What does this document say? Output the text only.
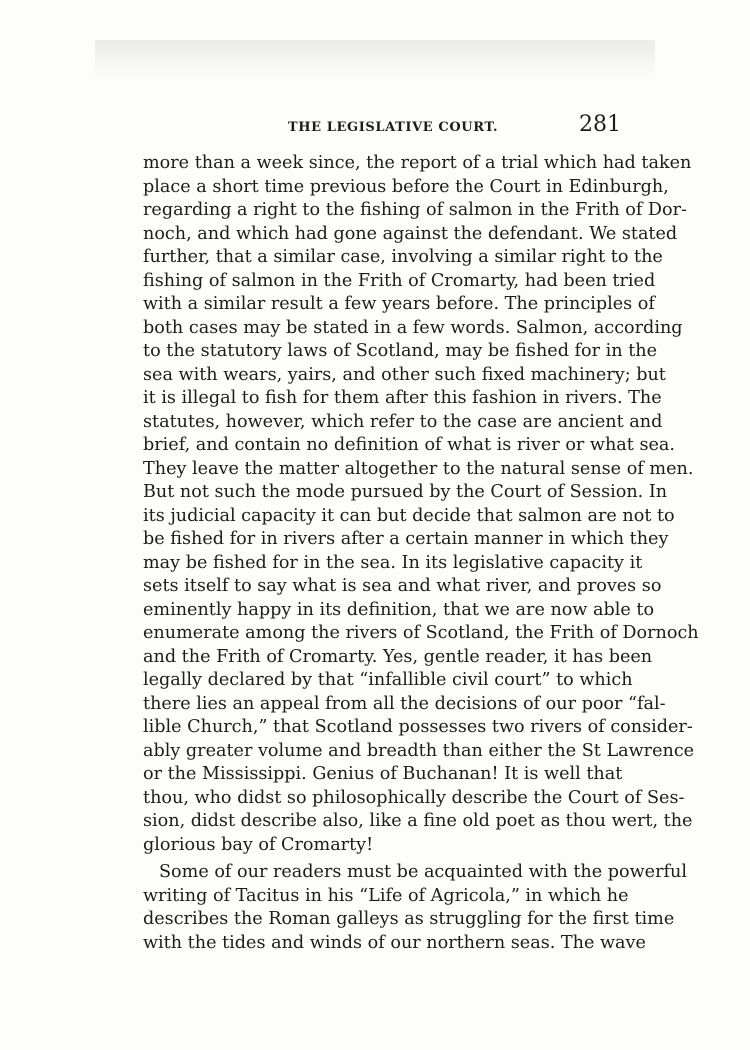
THE LEGISLATIVE COURT.	281
more than a week since, the report of a trial which had taken
place a short time previous before the Court in Edinburgh,
regarding a right to the fishing of salmon in the Frith of Dor-
noch, and which had gone against the defendant. We stated
further, that a similar case, involving a similar right to the
fishing of salmon in the Frith of Cromarty, had been tried
with a similar result a few years before. The principles of
both cases may be stated in a few words. Salmon, according
to the statutory laws of Scotland, may be fished for in the
sea with wears, yairs, and other such fixed machinery; but
it is illegal to fish for them after this fashion in rivers. The
statutes, however, which refer to the case are ancient and
brief, and contain no definition of what is river or what sea.
They leave the matter altogether to the natural sense of men.
But not such the mode pursued by the Court of Session. In
its judicial capacity it can but decide that salmon are not to
be fished for in rivers after a certain manner in which they
may be fished for in the sea. In its legislative capacity it
sets itself to say what is sea and what river, and proves so
eminently happy in its definition, that we are now able to
enumerate among the rivers of Scotland, the Frith of Dornoch
and the Frith of Cromarty. Yes, gentle reader, it has been
legally declared by that “infallible civil court” to which
there lies an appeal from all the decisions of our poor “fal-
lible Church,” that Scotland possesses two rivers of consider-
ably greater volume and breadth than either the St Lawrence
or the Mississippi. Genius of Buchanan! It is well that
thou, who didst so philosophically describe the Court of Ses-
sion, didst describe also, like a fine old poet as thou wert, the
glorious bay of Cromarty!
Some of our readers must be acquainted with the powerful
writing of Tacitus in his “Life of Agricola,” in which he
describes the Roman galleys as struggling for the first time
with the tides and winds of our northern seas. The wave
